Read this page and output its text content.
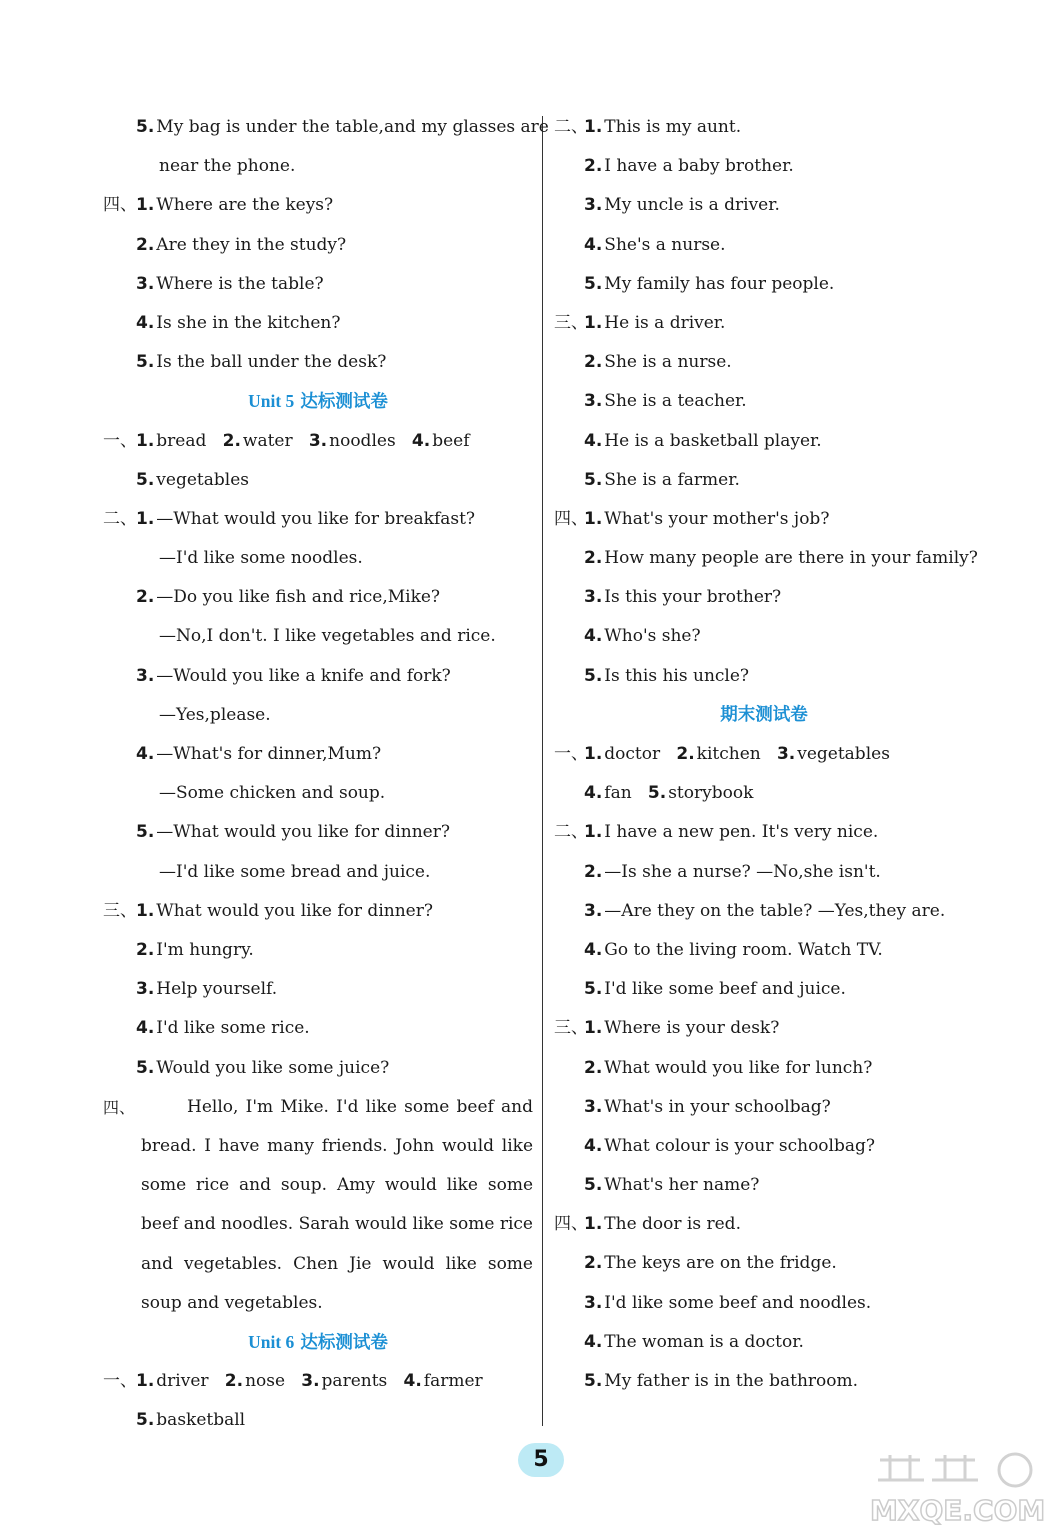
5. My bag is under the table,and my glasses are
near the phone.
四、1. Where are the keys?
2. Are they in the study?
3. Where is the table?
4. Is she in the kitchen?
5. Is the ball under the desk?
Unit 5 达标测试卷
一、1. bread 2. water 3. noodles 4. beef
5. vegetables
二、1. —What would you like for breakfast?
—I'd like some noodles.
2. —Do you like fish and rice,Mike?
—No,I don't. I like vegetables and rice.
3. —Would you like a knife and fork?
—Yes,please.
4. —What's for dinner,Mum?
—Some chicken and soup.
5. —What would you like for dinner?
—I'd like some bread and juice.
三、1. What would you like for dinner?
2. I'm hungry.
3. Help yourself.
4. I'd like some rice.
5. Would you like some juice?
四、	Hello, I'm Mike. I'd like some beef and bread. I have many friends. John would like some rice and soup. Amy would like some beef and noodles. Sarah would like some rice and vegetables. Chen Jie would like some soup and vegetables.
Unit 6 达标测试卷
一、1. driver 2. nose 3. parents 4. farmer
5. basketball
二、1. This is my aunt.
2. I have a baby brother.
3. My uncle is a driver.
4. She's a nurse.
5. My family has four people.
三、1. He is a driver.
2. She is a nurse.
3. She is a teacher.
4. He is a basketball player.
5. She is a farmer.
四、1. What's your mother's job?
2. How many people are there in your family?
3. Is this your brother?
4. Who's she?
5. Is this his uncle?
期末测试卷
一、1. doctor 2. kitchen 3. vegetables
4. fan 5. storybook
二、1. I have a new pen. It's very nice.
2. —Is she a nurse? —No,she isn't.
3. —Are they on the table? —Yes,they are.
4. Go to the living room. Watch TV.
5. I'd like some beef and juice.
三、1. Where is your desk?
2. What would you like for lunch?
3. What's in your schoolbag?
4. What colour is your schoolbag?
5. What's her name?
四、1. The door is red.
2. The keys are on the fridge.
3. I'd like some beef and noodles.
4. The woman is a doctor.
5. My father is in the bathroom.
5
MXQE.COM
